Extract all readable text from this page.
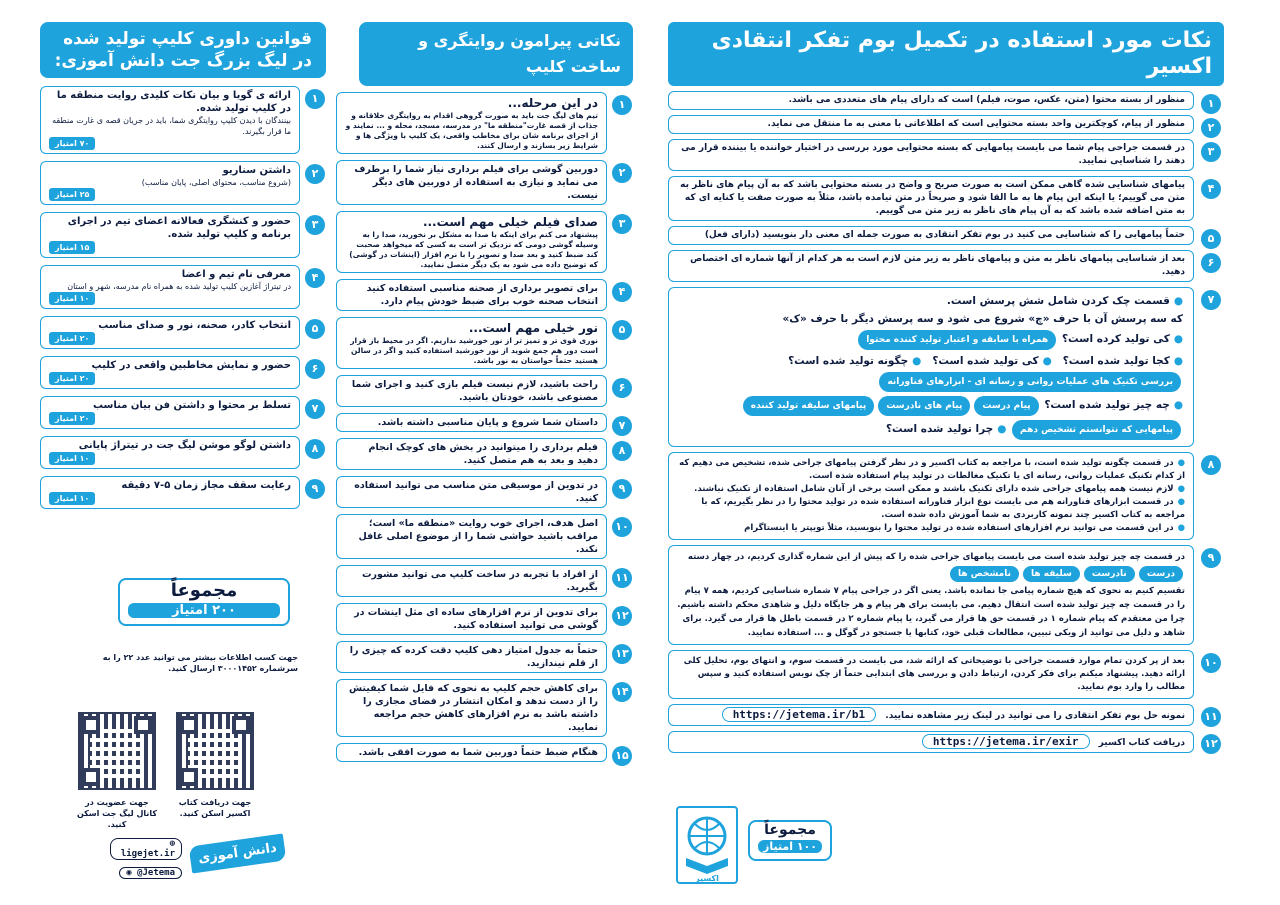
نکات مورد استفاده در تکمیل بوم تفکر انتقادی اکسیر
۱
منظور از بسته محتوا (متن، عکس، صوت، فیلم) است که دارای پیام های متعددی می باشد.
۲
منظور از پیام، کوچکترین واحد بسته محتوایی است که اطلاعاتی با معنی به ما منتقل می نماید.
۳
در قسمت جراحی پیام شما می بایست پیامهایی که بسته محتوایی مورد بررسی در اختیار خواننده یا بیننده قرار می دهند را شناسایی نمایید.
۴
پیامهای شناسایی شده گاهی ممکن است به صورت صریح و واضح در بسته محتوایی باشد که به آن پیام های ناظر به متن می گوییم؛ یا اینکه این پیام ها به ما القا شود و صریحاً در متن نیامده باشد، مثلاً به صورت صفت یا کنایه ای که به متن اضافه شده باشد که به آن پیام های ناظر به زیر متن می گوییم.
۵
حتماً پیامهایی را که شناسایی می کنید در بوم تفکر انتقادی به صورت جمله ای معنی دار بنویسید (دارای فعل)
۶
بعد از شناسایی پیامهای ناظر به متن و پیامهای ناظر به زیر متن لازم است به هر کدام از آنها شماره ای اختصاص دهید.
۷
●قسمت چک کردن شامل شش پرسش است.
که سه پرسش آن با حرف «چ» شروع می شود و سه پرسش دیگر با حرف «ک»
●کی تولید کرده است؟ همراه با سابقه و اعتبار تولید کننده محتوا
●کجا تولید شده است؟   ●کی تولید شده است؟   ●چگونه تولید شده است؟
بررسی تکنیک های عملیات روانی و رسانه ای - ابزارهای فناورانه
●چه چیز تولید شده است؟ پیام درستپیام های نادرستپیامهای سلیقه تولید کننده
پیامهایی که نتوانستم تشخیص دهم ●چرا تولید شده است؟
۸
●در قسمت چگونه تولید شده است، با مراجعه به کتاب اکسیر و در نظر گرفتن پیامهای جراحی شده، تشخیص می دهیم که از کدام تکنیک عملیات روانی، رسانه ای یا تکنیک مغالطات در تولید پیام استفاده شده است.
●لازم نیست همه پیامهای جراحی شده دارای تکنیک باشند و ممکن است برخی از آنان شامل استفاده از تکنیک نباشند.
●در قسمت ابزارهای فناورانه هم می بایست نوع ابزار فناورانه استفاده شده در تولید محتوا را در نظر بگیریم، که با مراجعه به کتاب اکسیر چند نمونه کاربردی به شما آموزش داده شده است.
●در این قسمت می توانید نرم افزارهای استفاده شده در تولید محتوا را بنویسید، مثلاً تویپتر یا اینستاگرام
۹
در قسمت چه چیز تولید شده است می بایست پیامهای جراحی شده را که پیش از این شماره گذاری کردیم، در چهار دسته درستنادرستسلیقه هانامشخص ها
تقسیم کنیم به نحوی که هیچ شماره پیامی جا نمانده باشد. یعنی اگر در جراحی پیام ۷ شماره شناسایی کردیم، همه ۷ پیام را در قسمت چه چیز تولید شده است انتقال دهیم. می بایست برای هر پیام و هر جایگاه دلیل و شاهدی محکم داشته باشیم. چرا من معتقدم که پیام شماره ۱ در قسمت حق ها قرار می گیرد، یا پیام شماره ۲ در قسمت باطل ها قرار می گیرد. برای شاهد و دلیل می توانید از ویکی تبیین، مطالعات قبلی خود، کتابها یا جستجو در گوگل و ... استفاده نمایید.
۱۰
بعد از پر کردن تمام موارد قسمت جراحی با توضیحاتی که ارائه شد، می بایست در قسمت سوم، و انتهای بوم، تحلیل کلی ارائه دهید. پیشنهاد میکنم برای فکر کردن، ارتباط دادن و بررسی های ابتدایی حتماً از چک نویس استفاده کنید و سپس مطالب را وارد بوم نمایید.
۱۱
نمونه حل بوم تفکر انتقادی را می توانید در لینک زیر مشاهده نمایید. https://jetema.ir/b1
۱۲
دریافت کتاب اکسیر https://jetema.ir/exir
اکسیر
مجموعاً
۱۰۰ امتیاز
نکاتی پیرامون روایتگری و ساخت کلیپ
۱
در این مرحله...
تیم های لیگ جت باید به صورت گروهی اقدام به روایتگری خلاقانه و جذاب از قصه غارت"منطقه ما" در مدرسه، مسجد، محله و ... نمایند و از اجرای برنامه شان برای مخاطب واقعی، یک کلیپ با ویژگی ها و شرایط زیر بسازند و ارسال کنند.
۲
دوربین گوشی برای فیلم برداری نیاز شما را برطرف می نماید و نیازی به استفاده از دوربین های دیگر نیست.
۳
صدای فیلم خیلی مهم است...
پیشنهاد می کنم برای اینکه با صدا به مشکل بر نخورید، صدا را به وسیله گوشی دومی که نزدیک تر است به کسی که میخواهد صحبت کند ضبط کنید و بعد صدا و تصویر را با نرم افزار (اینشات در گوشی) که توضیح داده می شود به یک دیگر متصل نمایید.
۴
برای تصویر برداری از صحنه مناسبی استفاده کنید انتخاب صحنه خوب برای ضبط خودش پیام دارد.
۵
نور خیلی مهم است...
نوری قوی تر و تمیز تر از نور خورشید نداریم. اگر در محیط باز قرار است دور هم جمع شوید از نور خورشید استفاده کنید و اگر در سالن هستید حتماً حواستان به نور باشد.
۶
راحت باشید، لازم نیست فیلم بازی کنید و اجرای شما مصنوعی باشد، خودتان باشید.
۷
داستان شما شروع و پایان مناسبی داشته باشد.
۸
فیلم برداری را میتوانید در بخش های کوچک انجام دهید و بعد به هم متصل کنید.
۹
در تدوین از موسیقی متن مناسب می توانید استفاده کنید.
۱۰
اصل هدف، اجرای خوب روایت «منطقه ما» است؛ مراقب باشید حواشی شما را از موضوع اصلی غافل نکند.
۱۱
از افراد با تجربه در ساخت کلیپ می توانید مشورت بگیرید.
۱۲
برای تدوین از نرم افزارهای ساده ای مثل اینشات در گوشی می توانید استفاده کنید.
۱۳
حتماً به جدول امتیاز دهی کلیپ دقت کرده که چیزی را از قلم نینداز‌ید.
۱۴
برای کاهش حجم کلیپ به نحوی که فایل شما کیفیتش را از دست ندهد و امکان انتشار در فضای مجازی را داشته باشد به نرم افزارهای کاهش حجم مراجعه نمایید.
۱۵
هنگام ضبط حتماً دوربین شما به صورت افقی باشد.
قوانین داوری کلیپ تولید شده
در لیگ بزرگ جت دانش آموزی:
۱
ارائه ی گویا و بیان نکات کلیدی روایت منطقه ما در کلیپ تولید شده.
بینندگان با دیدن کلیپ روایتگری شما، باید در جریان قصه ی غارت منطقه ما قرار بگیرند.
۷۰ امتیاز
۲
داشتن سناریو
(شروع مناسب، محتوای اصلی، پایان مناسب)
۲۵ امتیاز
۳
حضور و کنشگری فعالانه اعضای تیم در اجرای برنامه و کلیپ تولید شده.
۱۵ امتیاز
۴
معرفی نام تیم و اعضا
در تیتراژ آغازین کلیپ تولید شده به همراه نام مدرسه، شهر و استان
۱۰ امتیاز
۵
انتخاب کادر، صحنه، نور و صدای مناسب
۲۰ امتیاز
۶
حضور و نمایش مخاطبین واقعی در کلیپ
۲۰ امتیاز
۷
تسلط بر محتوا و داشتن فن بیان مناسب
۲۰ امتیاز
۸
داشتن لوگو موشن لیگ جت در تیتراژ پایانی
۱۰ امتیاز
۹
رعایت سقف مجاز زمان ۵-۷ دقیقه
۱۰ امتیاز
مجموعاً
۲۰۰ امتیاز
جهت کسب اطلاعات بیشتر می توانید عدد ۲۲ را به سرشماره ۳۰۰۰۱۴۵۲ ارسال کنید.
جهت دریافت کتاب اکسیر اسکن کنید.
جهت عضویت در کانال لیگ جت اسکن کنید.
⊕ ligejet.ir ◉ @Jetema
دانش آموزی
